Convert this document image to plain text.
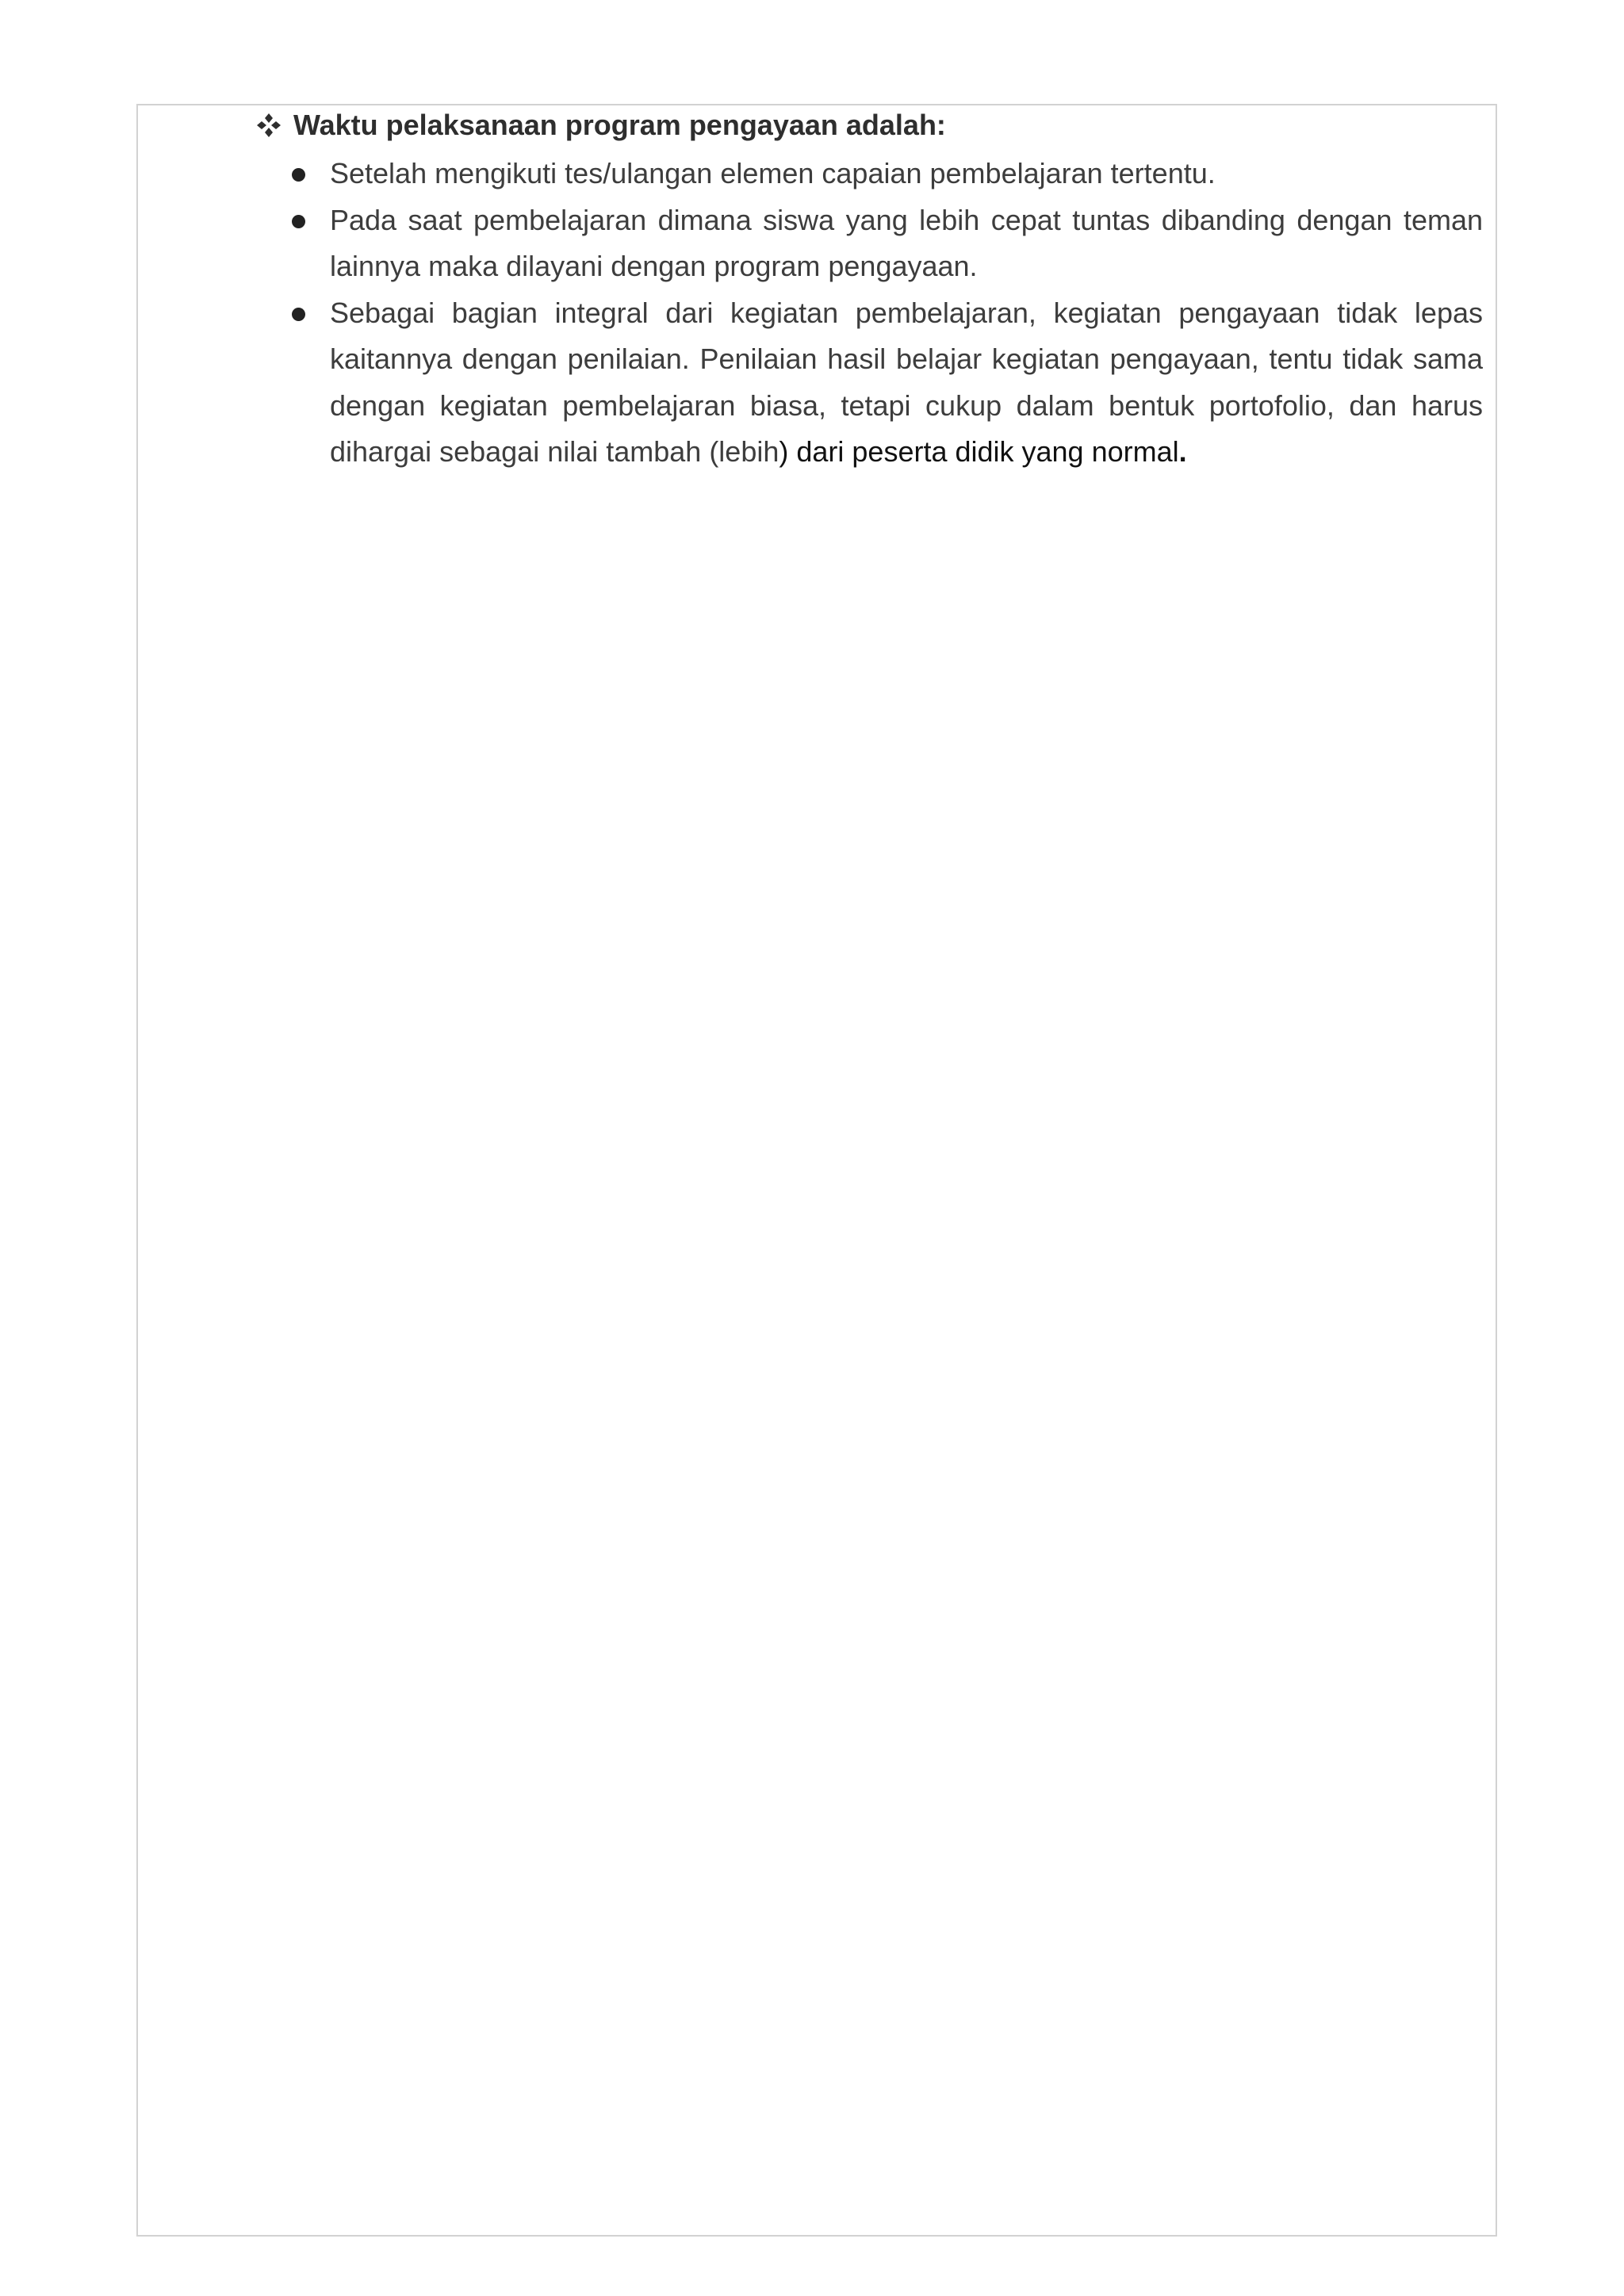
Waktu pelaksanaan program pengayaan adalah:
Setelah mengikuti tes/ulangan elemen capaian pembelajaran tertentu.
Pada saat pembelajaran dimana siswa yang lebih cepat tuntas dibanding dengan teman lainnya maka dilayani dengan program pengayaan.
Sebagai bagian integral dari kegiatan pembelajaran, kegiatan pengayaan tidak lepas kaitannya dengan penilaian. Penilaian hasil belajar kegiatan pengayaan, tentu tidak sama dengan kegiatan pembelajaran biasa, tetapi cukup dalam bentuk portofolio, dan harus dihargai sebagai nilai tambah (lebih) dari peserta didik yang normal.
